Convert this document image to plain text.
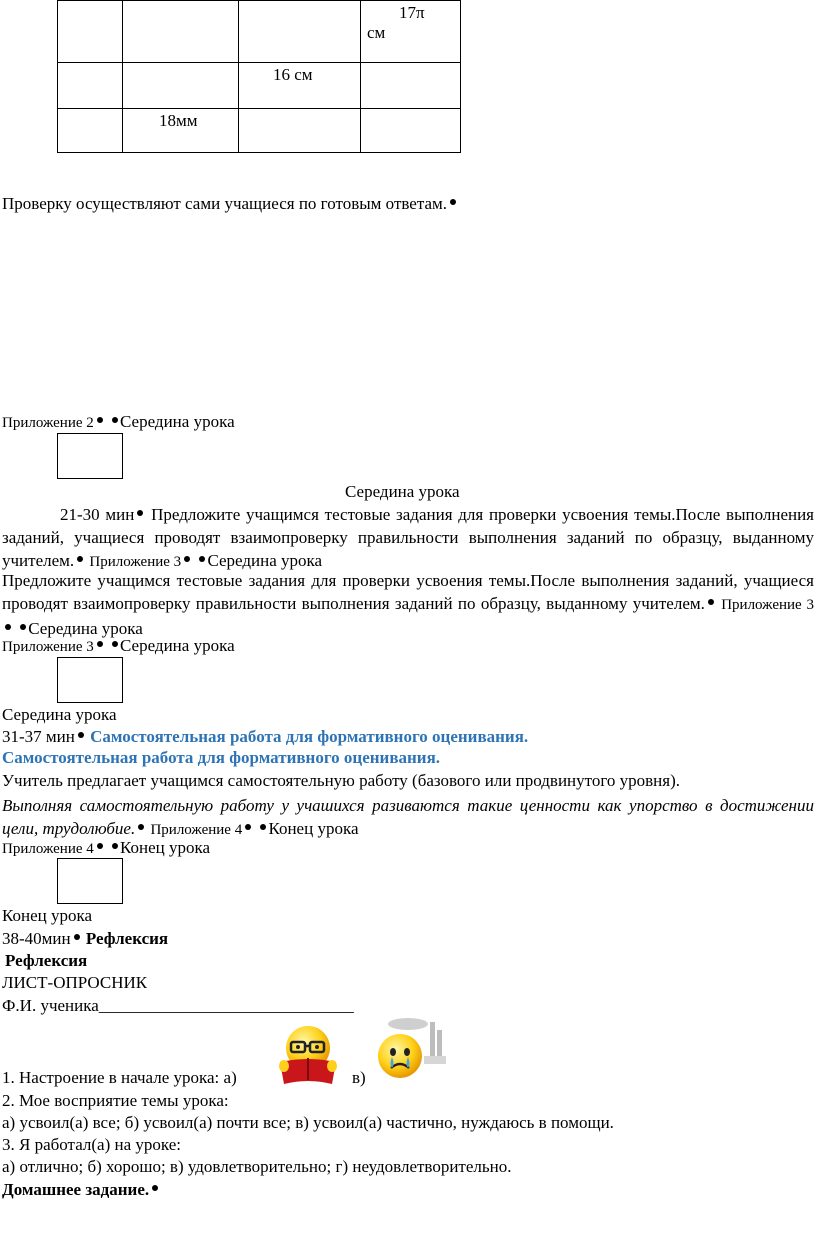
			17π
см

		16 см	

	18мм		

Проверку осуществляют сами учащиеся по готовым ответам.
Приложение 2 Середина урока
Середина урока
21-30 мин Предложите учащимся тестовые задания для проверки усвоения темы.После выполнения заданий, учащиеся проводят взаимопроверку правильности выполнения заданий по образцу, выданному учителем. Приложение 3 Середина урока
Предложите учащимся тестовые задания для проверки усвоения темы.После выполнения заданий, учащиеся проводят взаимопроверку правильности выполнения заданий по образцу, выданному учителем. Приложение 3 Середина урока
Приложение 3 Середина урока
Середина урока
31-37 мин Самостоятельная работа для формативного оценивания.
Самостоятельная работа для формативного оценивания.
Учитель предлагает учащимся самостоятельную работу (базового или продвинутого уровня).
Выполняя самостоятельную работу у учашихся разиваются такие ценности как упорство в достижении цели, трудолюбие. Приложение 4 Конец урока
Приложение 4 Конец урока
Конец урока
38-40мин Рефлексия
Рефлексия
ЛИСТ-ОПРОСНИК
Ф.И. ученика______________________________
1. Настроение в начале урока: а)	в)
2. Мое восприятие темы урока:
а) усвоил(а) все; б) усвоил(а) почти все; в) усвоил(а) частично, нуждаюсь в помощи.
3. Я работал(а) на уроке:
а) отлично; б) хорошо; в) удовлетворительно; г) неудовлетворительно.
Домашнее задание.
